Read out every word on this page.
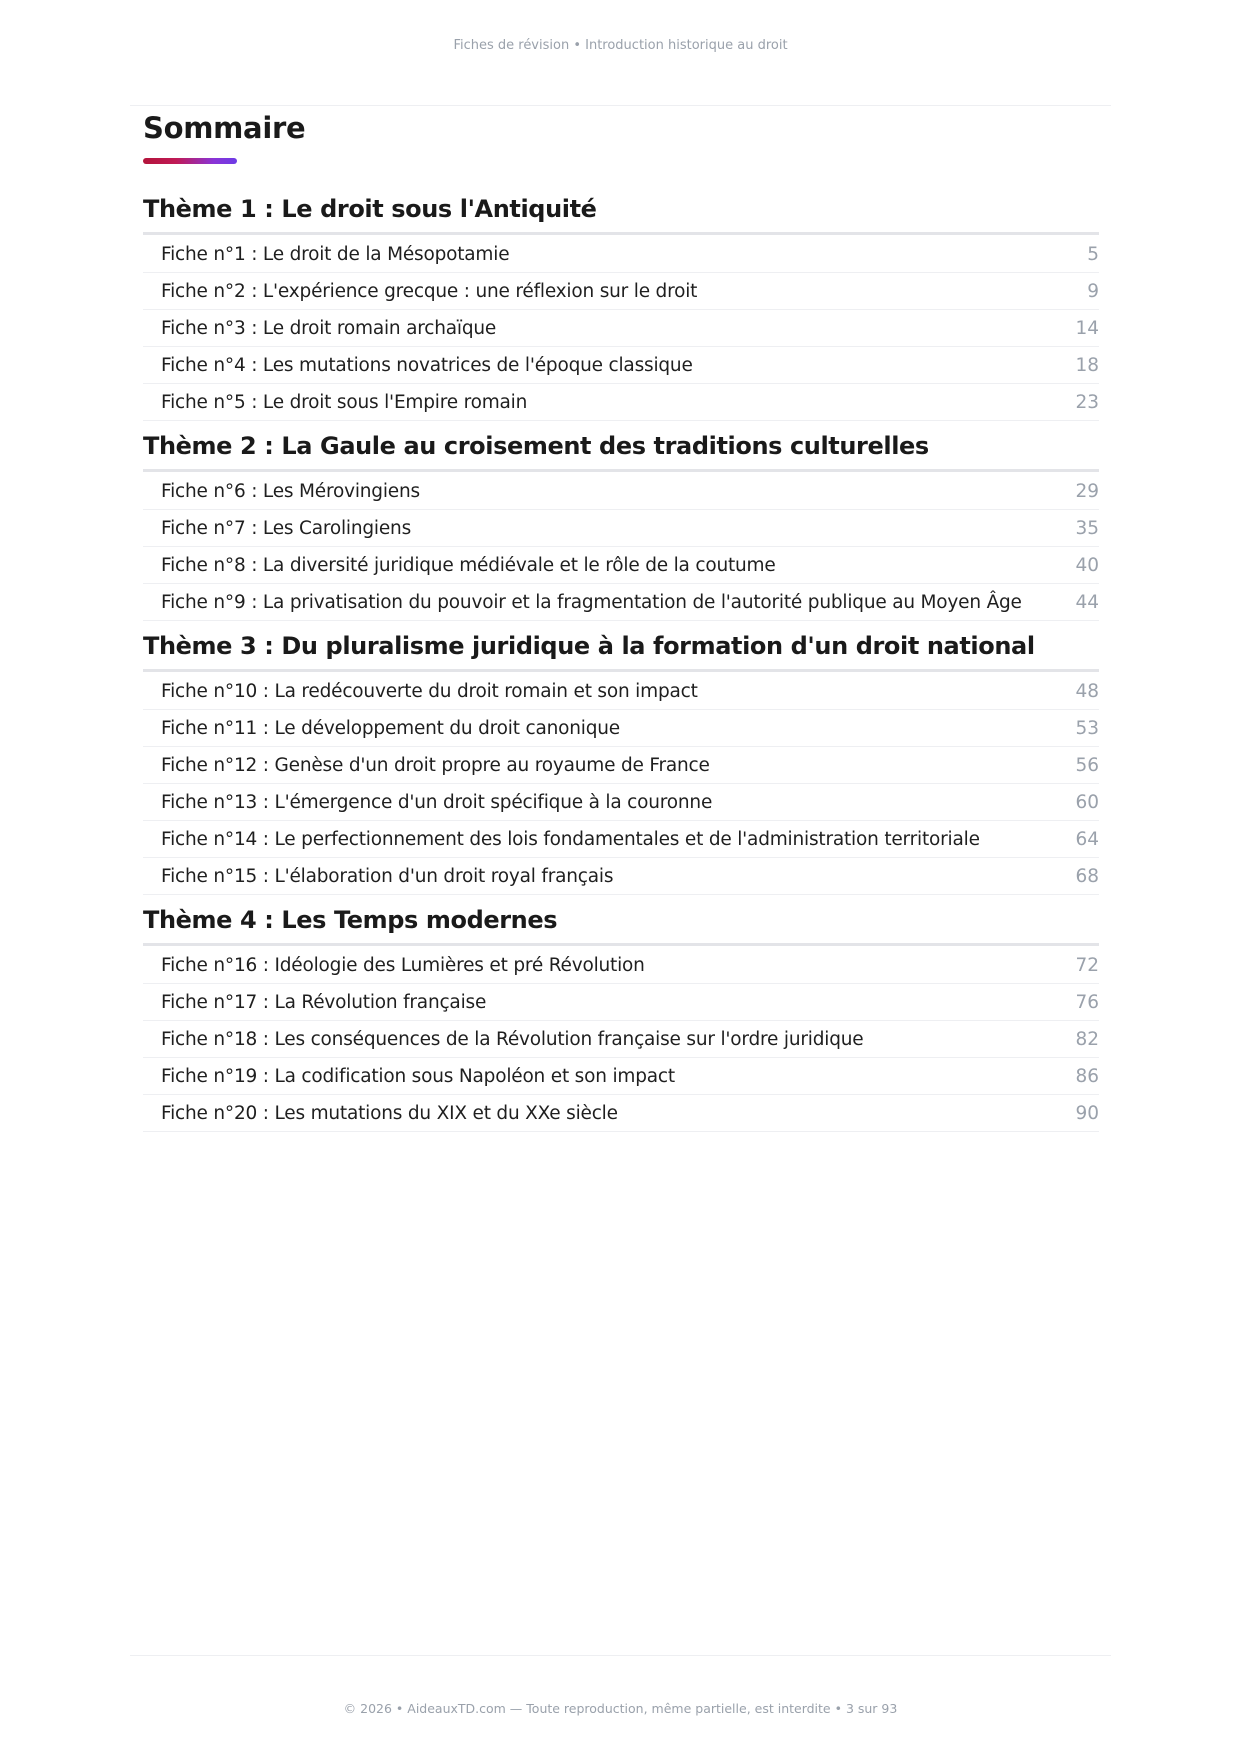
Fiches de révision • Introduction historique au droit
Sommaire
Thème 1 : Le droit sous l'Antiquité
Fiche n°1 : Le droit de la Mésopotamie	5
Fiche n°2 : L'expérience grecque : une réflexion sur le droit	9
Fiche n°3 : Le droit romain archaïque	14
Fiche n°4 : Les mutations novatrices de l'époque classique	18
Fiche n°5 : Le droit sous l'Empire romain	23
Thème 2 : La Gaule au croisement des traditions culturelles
Fiche n°6 : Les Mérovingiens	29
Fiche n°7 : Les Carolingiens	35
Fiche n°8 : La diversité juridique médiévale et le rôle de la coutume	40
Fiche n°9 : La privatisation du pouvoir et la fragmentation de l'autorité publique au Moyen Âge	44
Thème 3 : Du pluralisme juridique à la formation d'un droit national
Fiche n°10 : La redécouverte du droit romain et son impact	48
Fiche n°11 : Le développement du droit canonique	53
Fiche n°12 : Genèse d'un droit propre au royaume de France	56
Fiche n°13 : L'émergence d'un droit spécifique à la couronne	60
Fiche n°14 : Le perfectionnement des lois fondamentales et de l'administration territoriale	64
Fiche n°15 : L'élaboration d'un droit royal français	68
Thème 4 : Les Temps modernes
Fiche n°16 : Idéologie des Lumières et pré Révolution	72
Fiche n°17 : La Révolution française	76
Fiche n°18 : Les conséquences de la Révolution française sur l'ordre juridique	82
Fiche n°19 : La codification sous Napoléon et son impact	86
Fiche n°20 : Les mutations du XIX et du XXe siècle	90
© 2026 • AideauxTD.com — Toute reproduction, même partielle, est interdite • 3 sur 93
